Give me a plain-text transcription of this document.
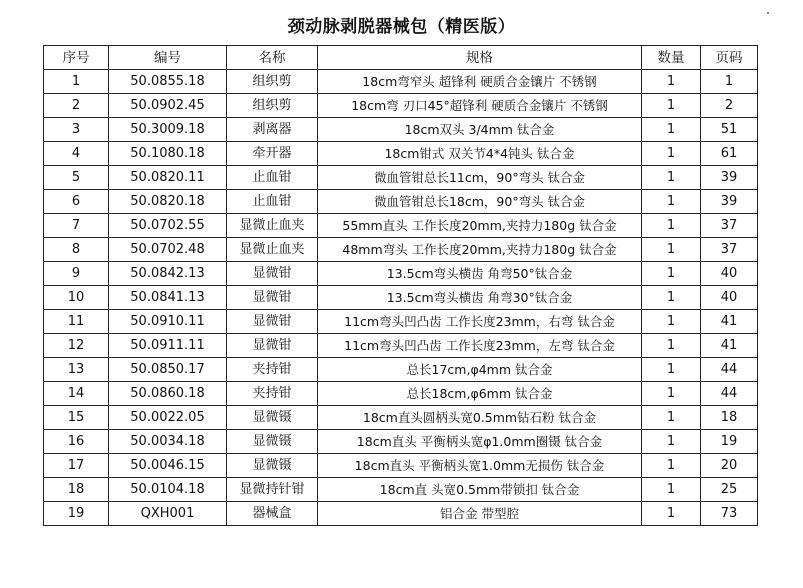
颈动脉剥脱器械包（精医版）
序号	编号	名称	规格	数量	页码
1	50.0855.18	组织剪	18cm弯窄头 超锋利 硬质合金镶片 不锈钢	1	1
2	50.0902.45	组织剪	18cm弯 刃口45°超锋利 硬质合金镶片 不锈钢	1	2
3	50.3009.18	剥离器	18cm双头 3/4mm 钛合金	1	51
4	50.1080.18	牵开器	18cm钳式 双关节4*4钝头 钛合金	1	61
5	50.0820.11	止血钳	微血管钳总长11cm，90°弯头 钛合金	1	39
6	50.0820.18	止血钳	微血管钳总长18cm，90°弯头 钛合金	1	39
7	50.0702.55	显微止血夹	55mm直头 工作长度20mm,夹持力180g 钛合金	1	37
8	50.0702.48	显微止血夹	48mm弯头 工作长度20mm,夹持力180g 钛合金	1	37
9	50.0842.13	显微钳	13.5cm弯头横齿 角弯50°钛合金	1	40
10	50.0841.13	显微钳	13.5cm弯头横齿 角弯30°钛合金	1	40
11	50.0910.11	显微钳	11cm弯头凹凸齿 工作长度23mm，右弯 钛合金	1	41
12	50.0911.11	显微钳	11cm弯头凹凸齿 工作长度23mm，左弯 钛合金	1	41
13	50.0850.17	夹持钳	总长17cm,φ4mm 钛合金	1	44
14	50.0860.18	夹持钳	总长18cm,φ6mm 钛合金	1	44
15	50.0022.05	显微镊	18cm直头圆柄头宽0.5mm钻石粉 钛合金	1	18
16	50.0034.18	显微镊	18cm直头 平衡柄头宽φ1.0mm圈镊 钛合金	1	19
17	50.0046.15	显微镊	18cm直头 平衡柄头宽1.0mm无损伤 钛合金	1	20
18	50.0104.18	显微持针钳	18cm直 头宽0.5mm带锁扣 钛合金	1	25
19	QXH001	器械盒	铝合金 带型腔	1	73
